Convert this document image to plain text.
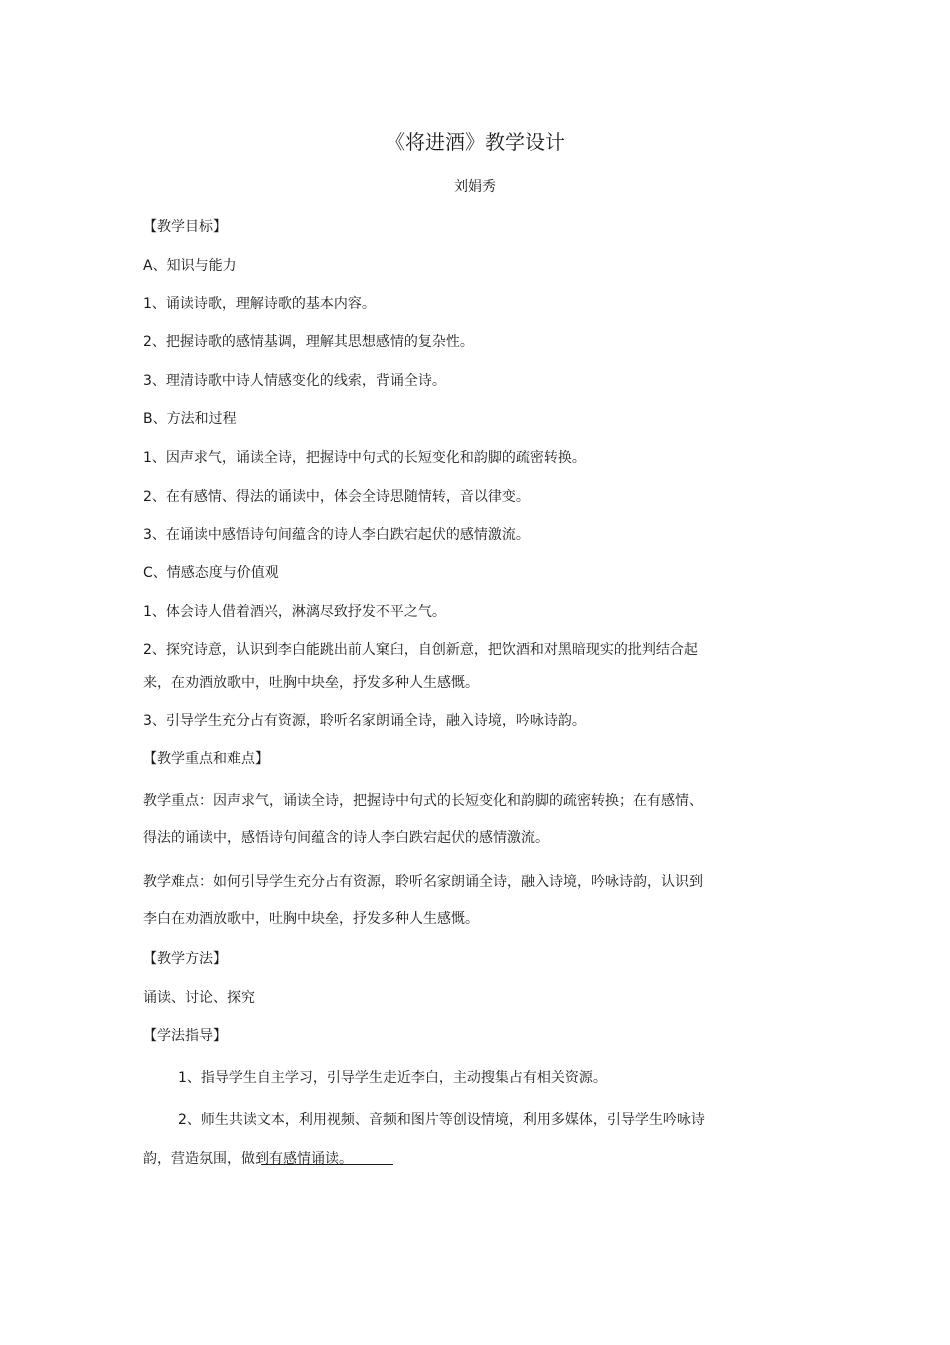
《将进酒》教学设计
刘娟秀
【教学目标】
A、知识与能力
1、诵读诗歌，理解诗歌的基本内容。
2、把握诗歌的感情基调，理解其思想感情的复杂性。
3、理清诗歌中诗人情感变化的线索，背诵全诗。
B、方法和过程
1、因声求气，诵读全诗，把握诗中句式的长短变化和韵脚的疏密转换。
2、在有感情、得法的诵读中，体会全诗思随情转，音以律变。
3、在诵读中感悟诗句间蕴含的诗人李白跌宕起伏的感情激流。
C、情感态度与价值观
1、体会诗人借着酒兴，淋漓尽致抒发不平之气。
2、探究诗意，认识到李白能跳出前人窠臼，自创新意，把饮酒和对黑暗现实的批判结合起
来，在劝酒放歌中，吐胸中块垒，抒发多种人生感慨。
3、引导学生充分占有资源，聆听名家朗诵全诗，融入诗境，吟咏诗韵。
【教学重点和难点】
教学重点：因声求气，诵读全诗，把握诗中句式的长短变化和韵脚的疏密转换；在有感情、
得法的诵读中，感悟诗句间蕴含的诗人李白跌宕起伏的感情激流。
教学难点：如何引导学生充分占有资源，聆听名家朗诵全诗，融入诗境，吟咏诗韵，认识到
李白在劝酒放歌中，吐胸中块垒，抒发多种人生感慨。
【教学方法】
诵读、讨论、探究
【学法指导】
1、指导学生自主学习，引导学生走近李白，主动搜集占有相关资源。
2、师生共读文本，利用视频、音频和图片等创设情境，利用多媒体，引导学生吟咏诗
韵，营造氛围，做到有感情诵读。
